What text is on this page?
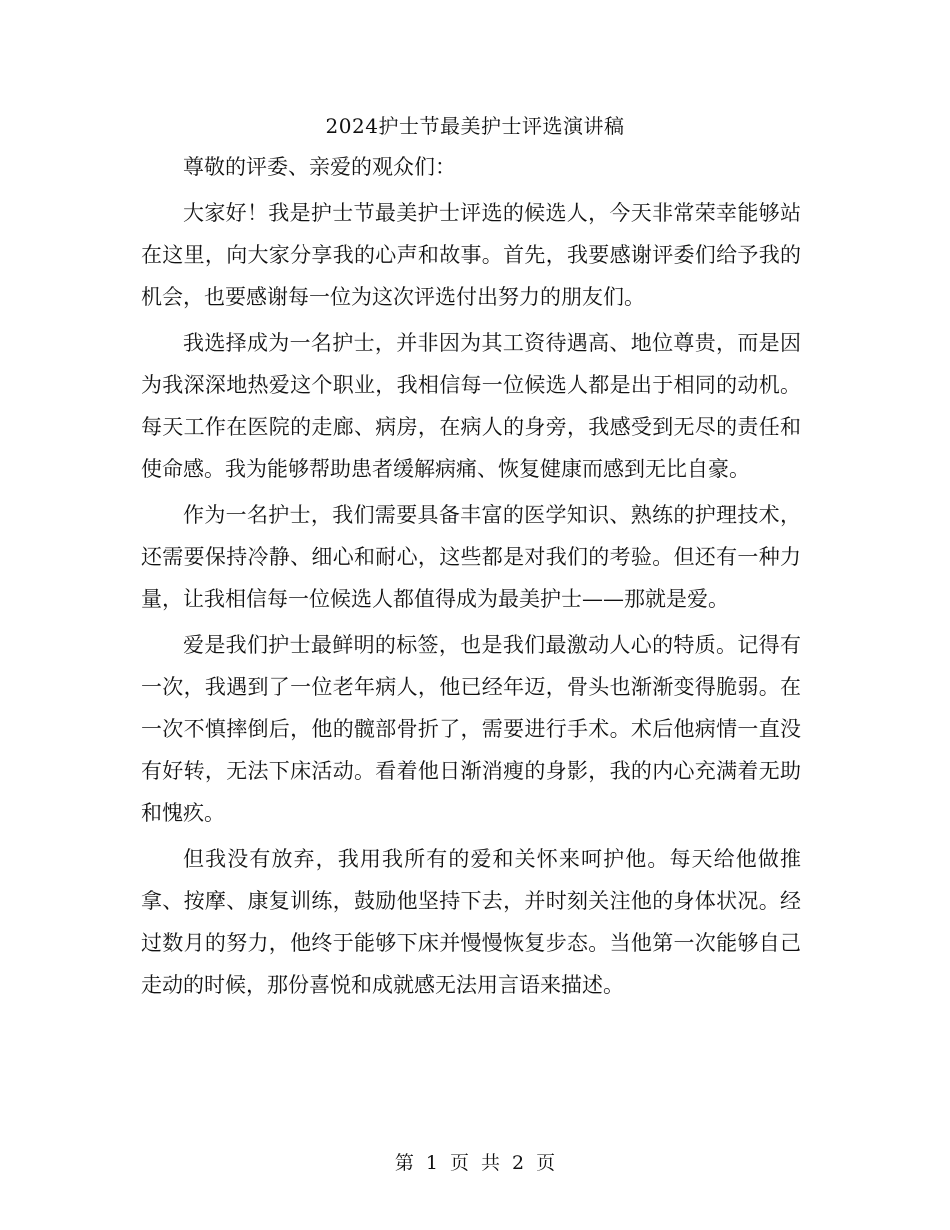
2024护士节最美护士评选演讲稿

尊敬的评委、亲爱的观众们：

大家好！我是护士节最美护士评选的候选人，今天非常荣幸能够站在这里，向大家分享我的心声和故事。首先，我要感谢评委们给予我的机会，也要感谢每一位为这次评选付出努力的朋友们。

我选择成为一名护士，并非因为其工资待遇高、地位尊贵，而是因为我深深地热爱这个职业，我相信每一位候选人都是出于相同的动机。每天工作在医院的走廊、病房，在病人的身旁，我感受到无尽的责任和使命感。我为能够帮助患者缓解病痛、恢复健康而感到无比自豪。

作为一名护士，我们需要具备丰富的医学知识、熟练的护理技术，还需要保持冷静、细心和耐心，这些都是对我们的考验。但还有一种力量，让我相信每一位候选人都值得成为最美护士——那就是爱。

爱是我们护士最鲜明的标签，也是我们最激动人心的特质。记得有一次，我遇到了一位老年病人，他已经年迈，骨头也渐渐变得脆弱。在一次不慎摔倒后，他的髋部骨折了，需要进行手术。术后他病情一直没有好转，无法下床活动。看着他日渐消瘦的身影，我的内心充满着无助和愧疚。

但我没有放弃，我用我所有的爱和关怀来呵护他。每天给他做推拿、按摩、康复训练，鼓励他坚持下去，并时刻关注他的身体状况。经过数月的努力，他终于能够下床并慢慢恢复步态。当他第一次能够自己走动的时候，那份喜悦和成就感无法用言语来描述。

第 1 页 共 2 页
